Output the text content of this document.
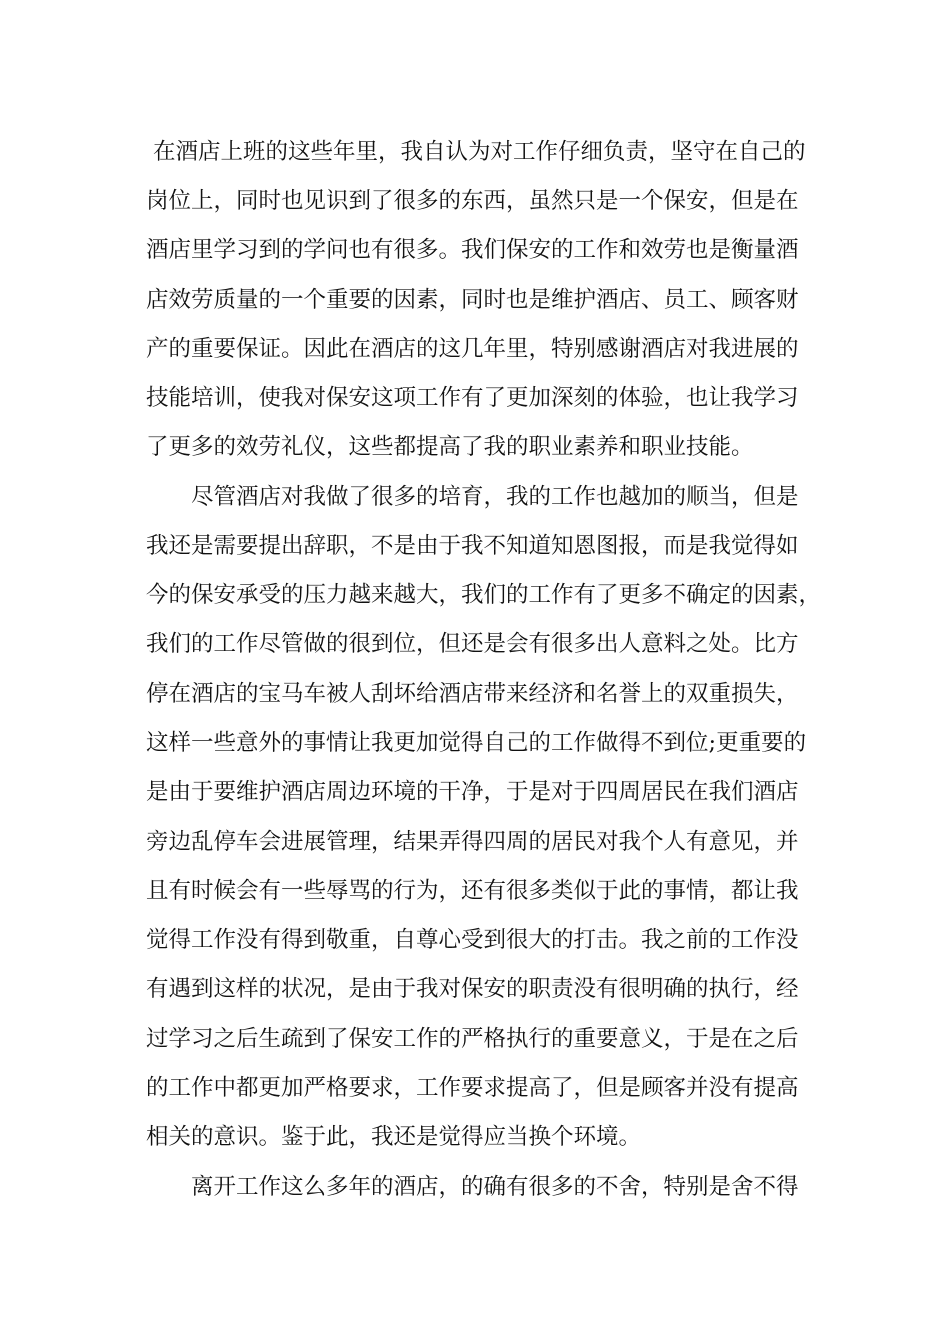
在酒店上班的这些年里，我自认为对工作仔细负责，坚守在自己的
岗位上，同时也见识到了很多的东西，虽然只是一个保安，但是在
酒店里学习到的学问也有很多。我们保安的工作和效劳也是衡量酒
店效劳质量的一个重要的因素，同时也是维护酒店、员工、顾客财
产的重要保证。因此在酒店的这几年里，特别感谢酒店对我进展的
技能培训，使我对保安这项工作有了更加深刻的体验，也让我学习
了更多的效劳礼仪，这些都提高了我的职业素养和职业技能。
尽管酒店对我做了很多的培育，我的工作也越加的顺当，但是
我还是需要提出辞职，不是由于我不知道知恩图报，而是我觉得如
今的保安承受的压力越来越大，我们的工作有了更多不确定的因素，
我们的工作尽管做的很到位，但还是会有很多出人意料之处。比方
停在酒店的宝马车被人刮坏给酒店带来经济和名誉上的双重损失，
这样一些意外的事情让我更加觉得自己的工作做得不到位;更重要的
是由于要维护酒店周边环境的干净，于是对于四周居民在我们酒店
旁边乱停车会进展管理，结果弄得四周的居民对我个人有意见，并
且有时候会有一些辱骂的行为，还有很多类似于此的事情，都让我
觉得工作没有得到敬重，自尊心受到很大的打击。我之前的工作没
有遇到这样的状况，是由于我对保安的职责没有很明确的执行，经
过学习之后生疏到了保安工作的严格执行的重要意义，于是在之后
的工作中都更加严格要求，工作要求提高了，但是顾客并没有提高
相关的意识。鉴于此，我还是觉得应当换个环境。
离开工作这么多年的酒店，的确有很多的不舍，特别是舍不得
